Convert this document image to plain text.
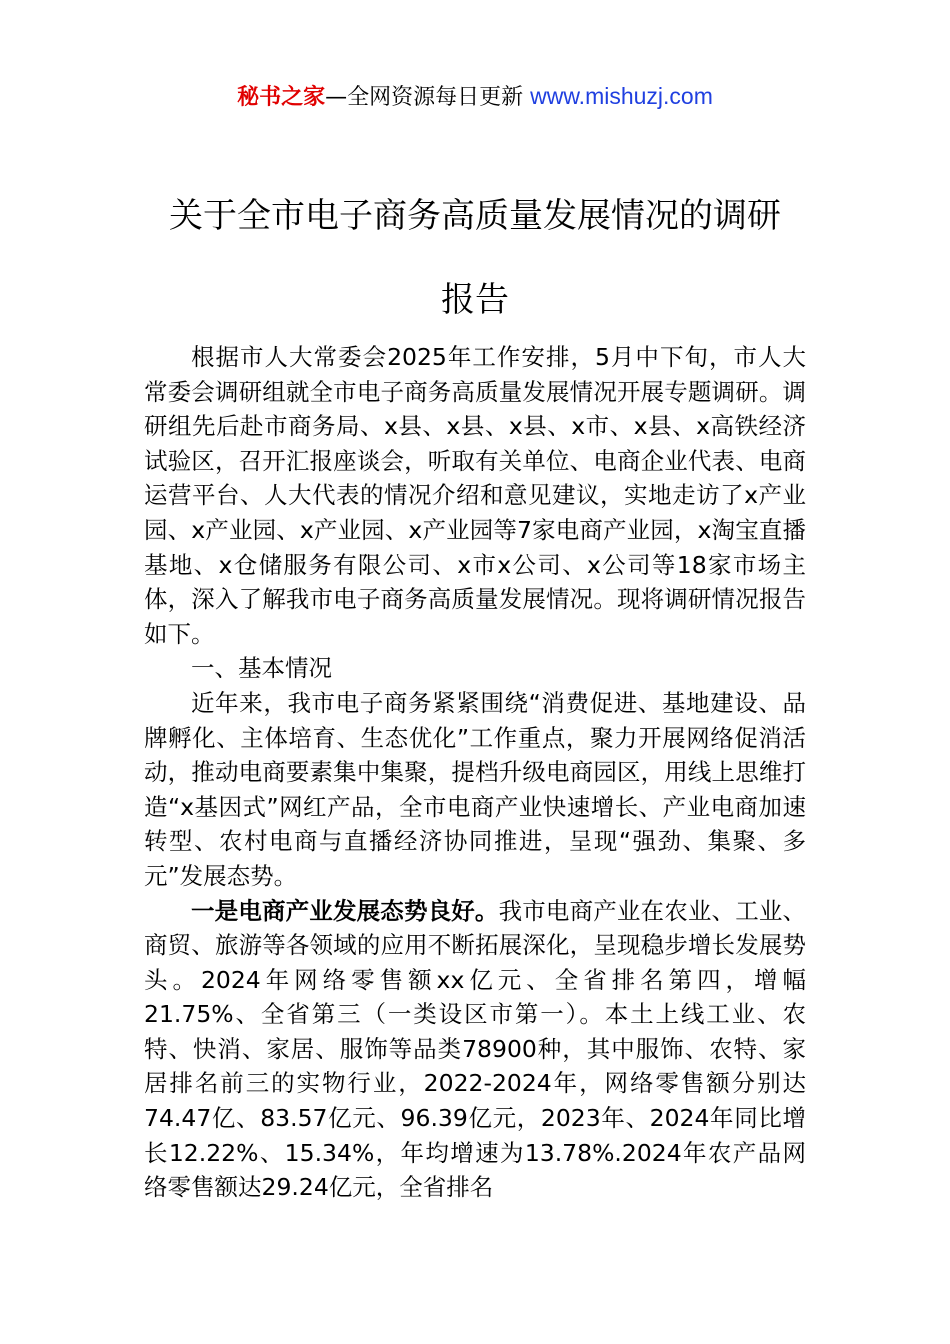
秘书之家—全网资源每日更新 www.mishuzj.com
关于全市电子商务高质量发展情况的调研
报告

根据市人大常委会2025年工作安排，5月中下旬，市人大常委会调研组就全市电子商务高质量发展情况开展专题调研。调研组先后赴市商务局、x县、x县、x县、x市、x县、x高铁经济试验区，召开汇报座谈会，听取有关单位、电商企业代表、电商运营平台、人大代表的情况介绍和意见建议，实地走访了x产业园、x产业园、x产业园、x产业园等7家电商产业园，x淘宝直播基地、x仓储服务有限公司、x市x公司、x公司等18家市场主体，深入了解我市电子商务高质量发展情况。现将调研情况报告如下。

一、基本情况

近年来，我市电子商务紧紧围绕“消费促进、基地建设、品牌孵化、主体培育、生态优化”工作重点，聚力开展网络促消活动，推动电商要素集中集聚，提档升级电商园区，用线上思维打造“x基因式”网红产品，全市电商产业快速增长、产业电商加速转型、农村电商与直播经济协同推进，呈现“强劲、集聚、多元”发展态势。

一是电商产业发展态势良好。我市电商产业在农业、工业、商贸、旅游等各领域的应用不断拓展深化，呈现稳步增长发展势头。2024年网络零售额xx亿元、全省排名第四，增幅21.75%、全省第三（一类设区市第一）。本土上线工业、农特、快消、家居、服饰等品类78900种，其中服饰、农特、家居排名前三的实物行业，2022-2024年，网络零售额分别达74.47亿、83.57亿元、96.39亿元，2023年、2024年同比增长12.22%、15.34%，年均增速为13.78%.2024年农产品网络零售额达29.24亿元，全省排名
